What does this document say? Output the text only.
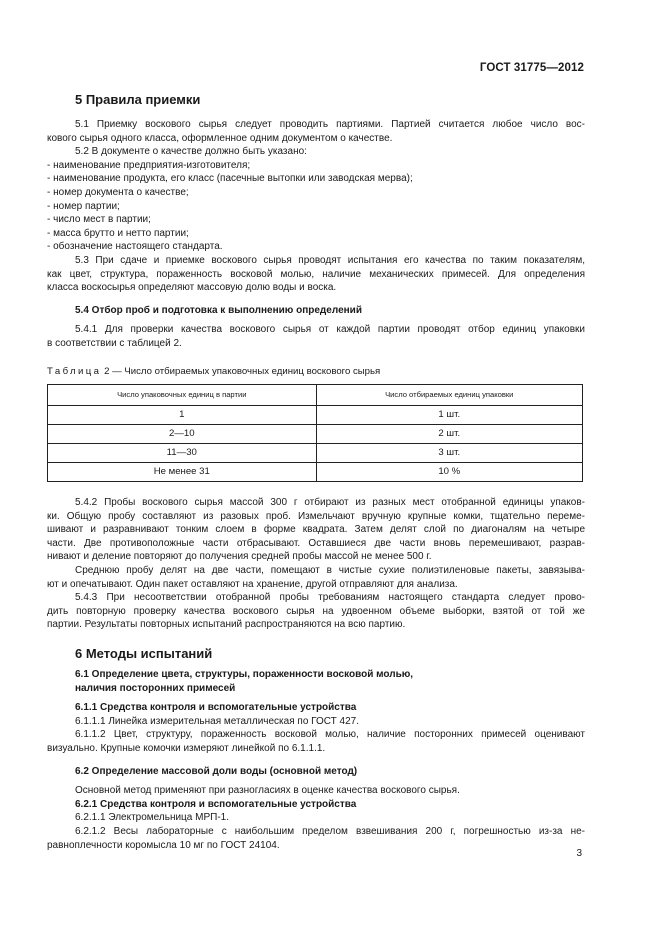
ГОСТ 31775—2012
5 Правила приемки

5.1 Приемку воскового сырья следует проводить партиями. Партией считается любое число вос-

кового сырья одного класса, оформленное одним документом о качестве.

5.2 В документе о качестве должно быть указано:

- наименование предприятия-изготовителя;

- наименование продукта, его класс (пасечные вытопки или заводская мерва);

- номер документа о качестве;

- номер партии;

- число мест в партии;

- масса брутто и нетто партии;

- обозначение настоящего стандарта.

5.3 При сдаче и приемке воскового сырья проводят испытания его качества по таким показателям,

как цвет, структура, пораженность восковой молью, наличие механических примесей. Для определения

класса воскосырья определяют массовую долю воды и воска.

5.4 Отбор проб и подготовка к выполнению определений

5.4.1 Для проверки качества воскового сырья от каждой партии проводят отбор единиц упаковки

в соответствии с таблицей 2.

Таблица 2 — Число отбираемых упаковочных единиц воскового сырья
Число упаковочных единиц в партии	Число отбираемых единиц упаковки
1	1 шт.
2—10	2 шт.
11—30	3 шт.
Не менее 31	10 %

5.4.2 Пробы воскового сырья массой 300 г отбирают из разных мест отобранной единицы упаков-

ки. Общую пробу составляют из разовых проб. Измельчают вручную крупные комки, тщательно переме-

шивают и разравнивают тонким слоем в форме квадрата. Затем делят слой по диагоналям на четыре

части. Две противоположные части отбрасывают. Оставшиеся две части вновь перемешивают, разрав-

нивают и деление повторяют до получения средней пробы массой не менее 500 г.

Среднюю пробу делят на две части, помещают в чистые сухие полиэтиленовые пакеты, завязыва-

ют и опечатывают. Один пакет оставляют на хранение, другой отправляют для анализа.

5.4.3 При несоответствии отобранной пробы требованиям настоящего стандарта следует прово-

дить повторную проверку качества воскового сырья на удвоенном объеме выборки, взятой от той же

партии. Результаты повторных испытаний распространяются на всю партию.

6 Методы испытаний
6.1 Определение цвета, структуры, пораженности восковой молью,
наличия посторонних примесей
6.1.1 Средства контроля и вспомогательные устройства

6.1.1.1 Линейка измерительная металлическая по ГОСТ 427.

6.1.1.2 Цвет, структуру, пораженность восковой молью, наличие посторонних примесей оценивают

визуально. Крупные комочки измеряют линейкой по 6.1.1.1.

6.2 Определение массовой доли воды (основной метод)

Основной метод применяют при разногласиях в оценке качества воскового сырья.

6.2.1 Средства контроля и вспомогательные устройства

6.2.1.1 Электромельница МРП-1.

6.2.1.2 Весы лабораторные с наибольшим пределом взвешивания 200 г, погрешностью из-за не-

равноплечности коромысла 10 мг по ГОСТ 24104.

3
